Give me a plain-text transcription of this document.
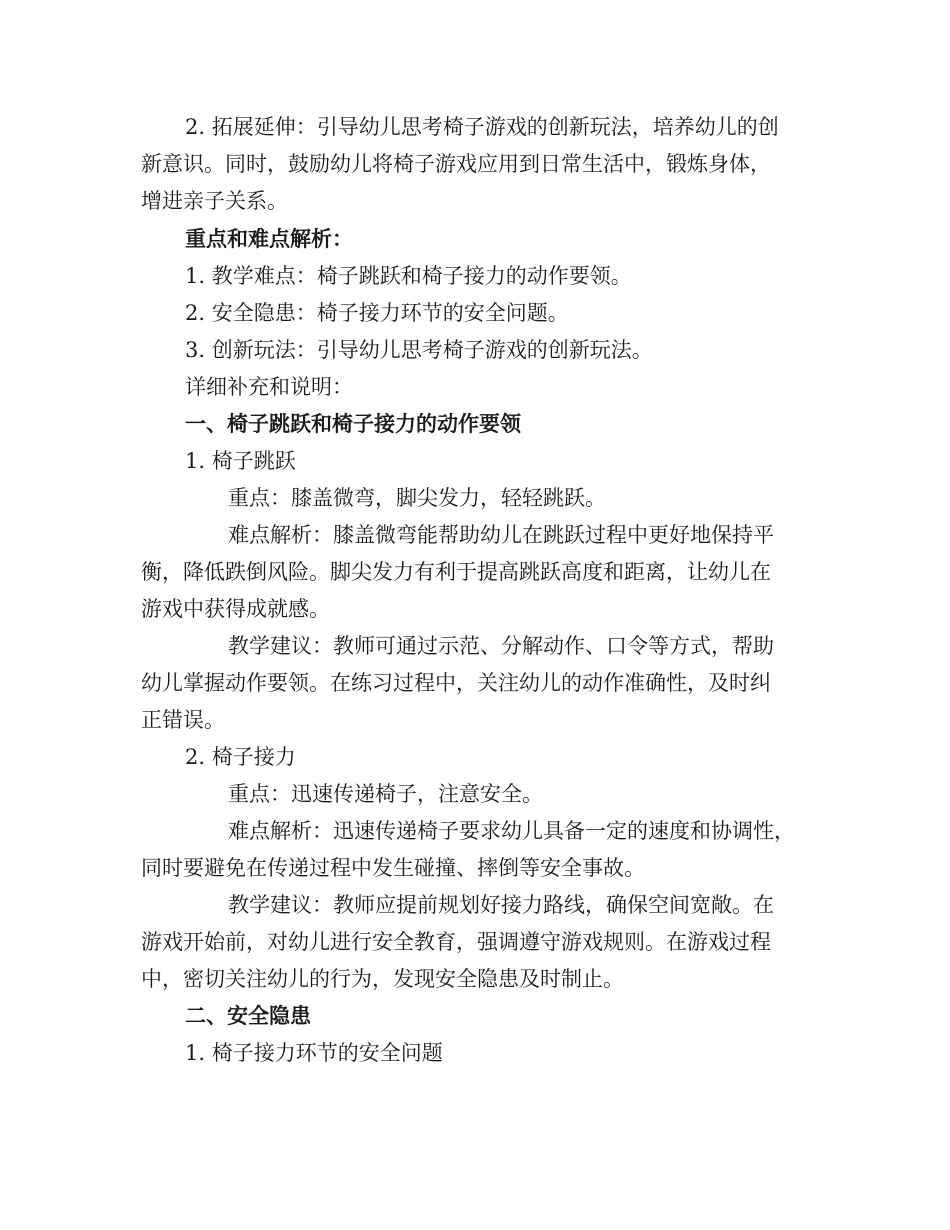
2. 拓展延伸：引导幼儿思考椅子游戏的创新玩法，培养幼儿的创
新意识。同时，鼓励幼儿将椅子游戏应用到日常生活中，锻炼身体，
增进亲子关系。
重点和难点解析：
1. 教学难点：椅子跳跃和椅子接力的动作要领。
2. 安全隐患：椅子接力环节的安全问题。
3. 创新玩法：引导幼儿思考椅子游戏的创新玩法。
详细补充和说明：
一、椅子跳跃和椅子接力的动作要领
1. 椅子跳跃
重点：膝盖微弯，脚尖发力，轻轻跳跃。
难点解析：膝盖微弯能帮助幼儿在跳跃过程中更好地保持平
衡，降低跌倒风险。脚尖发力有利于提高跳跃高度和距离，让幼儿在
游戏中获得成就感。
教学建议：教师可通过示范、分解动作、口令等方式，帮助
幼儿掌握动作要领。在练习过程中，关注幼儿的动作准确性，及时纠
正错误。
2. 椅子接力
重点：迅速传递椅子，注意安全。
难点解析：迅速传递椅子要求幼儿具备一定的速度和协调性，
同时要避免在传递过程中发生碰撞、摔倒等安全事故。
教学建议：教师应提前规划好接力路线，确保空间宽敞。在
游戏开始前，对幼儿进行安全教育，强调遵守游戏规则。在游戏过程
中，密切关注幼儿的行为，发现安全隐患及时制止。
二、安全隐患
1. 椅子接力环节的安全问题
